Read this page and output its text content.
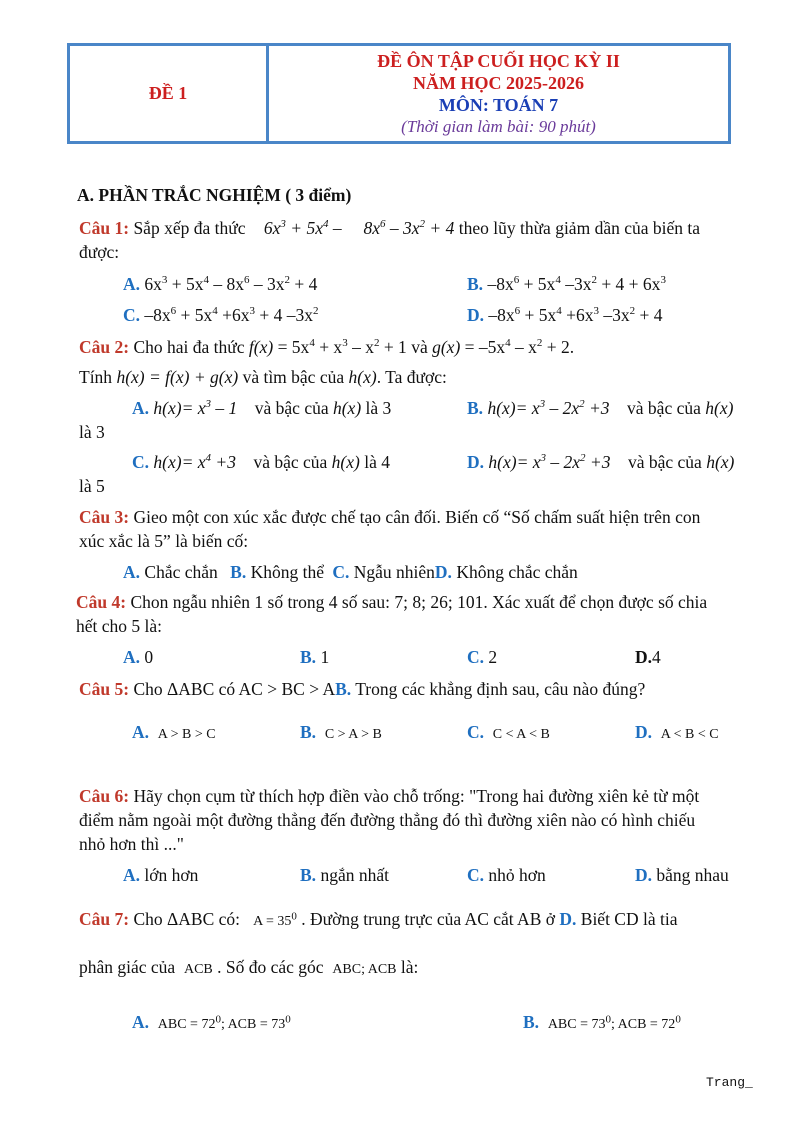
ĐỀ 1
ĐỀ ÔN TẬP CUỐI HỌC KỲ II
NĂM HỌC 2025-2026
MÔN: TOÁN 7
(Thời gian làm bài: 90 phút)
A. PHẦN TRẮC NGHIỆM ( 3 điểm)
Câu 1: Sắp xếp đa thức $6x^3 + 5x^4$ –     $8x^6 - 3x^2 + 4$ theo lũy thừa giảm dần của biến ta
được:
A. $6x^3 + 5x^4 - 8x^6 - 3x^2 + 4$	B. $-8x^6 + 5x^4$ $-3x^2 + 4 + 6x^3$
C. $-8x^6 + 5x^4 +6x^3 + 4$ $-3x^2$	D. $-8x^6 + 5x^4 +6x^3$ $-3x^2 + 4$
Câu 2: Cho hai đa thức $f(x) = 5x^4 + x^3 - x^2 + 1$ và $g(x) = -5x^4 - x^2 + 2$.
Tính h(x) = f(x) + g(x) và tìm bậc của h(x). Ta được:
A. $h(x)= x^3 - 1$    và bậc của h(x) là 3	B. $h(x)= x^3 - 2x^2 +3$    và bậc của h(x)
là 3
C. $h(x)= x^4 +3$    và bậc của h(x) là 4	D. $h(x)= x^3 - 2x^2 +3$    và bậc của h(x)
là 5
Câu 3: Gieo một con xúc xắc được chế tạo cân đối. Biến cố “Số chấm suất hiện trên con
xúc xắc là 5” là biến cố:
A. Chắc chắn B. Không thể C. Ngẫu nhiênD. Không chắc chắn
Câu 4: Chon ngẫu nhiên 1 số trong 4 số sau: 7; 8; 26; 101. Xác xuất để chọn được số chia
hết cho 5 là:
A. 0	B. 1	C. 2	D.4
Câu 5: Cho ΔABC có AC > BC > AB. Trong các khẳng định sau, câu nào đúng?
A. A > B > C	B. C > A > B	C. C < A < B	D. A < B < C
Câu 6: Hãy chọn cụm từ thích hợp điền vào chỗ trống: "Trong hai đường xiên kẻ từ một
điểm nằm ngoài một đường thẳng đến đường thẳng đó thì đường xiên nào có hình chiếu
nhỏ hơn thì ..."
A. lớn hơn	B. ngắn nhất	C. nhỏ hơn	D. bằng nhau
Câu 7: Cho ΔABC có: $A = 35^0$ . Đường trung trực của AC cắt AB ở D. Biết CD là tia
phân giác của ACB . Số đo các góc ABC; ACB là:
A. ABC = $72^0$; ACB = $73^0$	B. ABC = $73^0$; ACB = $72^0$
Trang_
